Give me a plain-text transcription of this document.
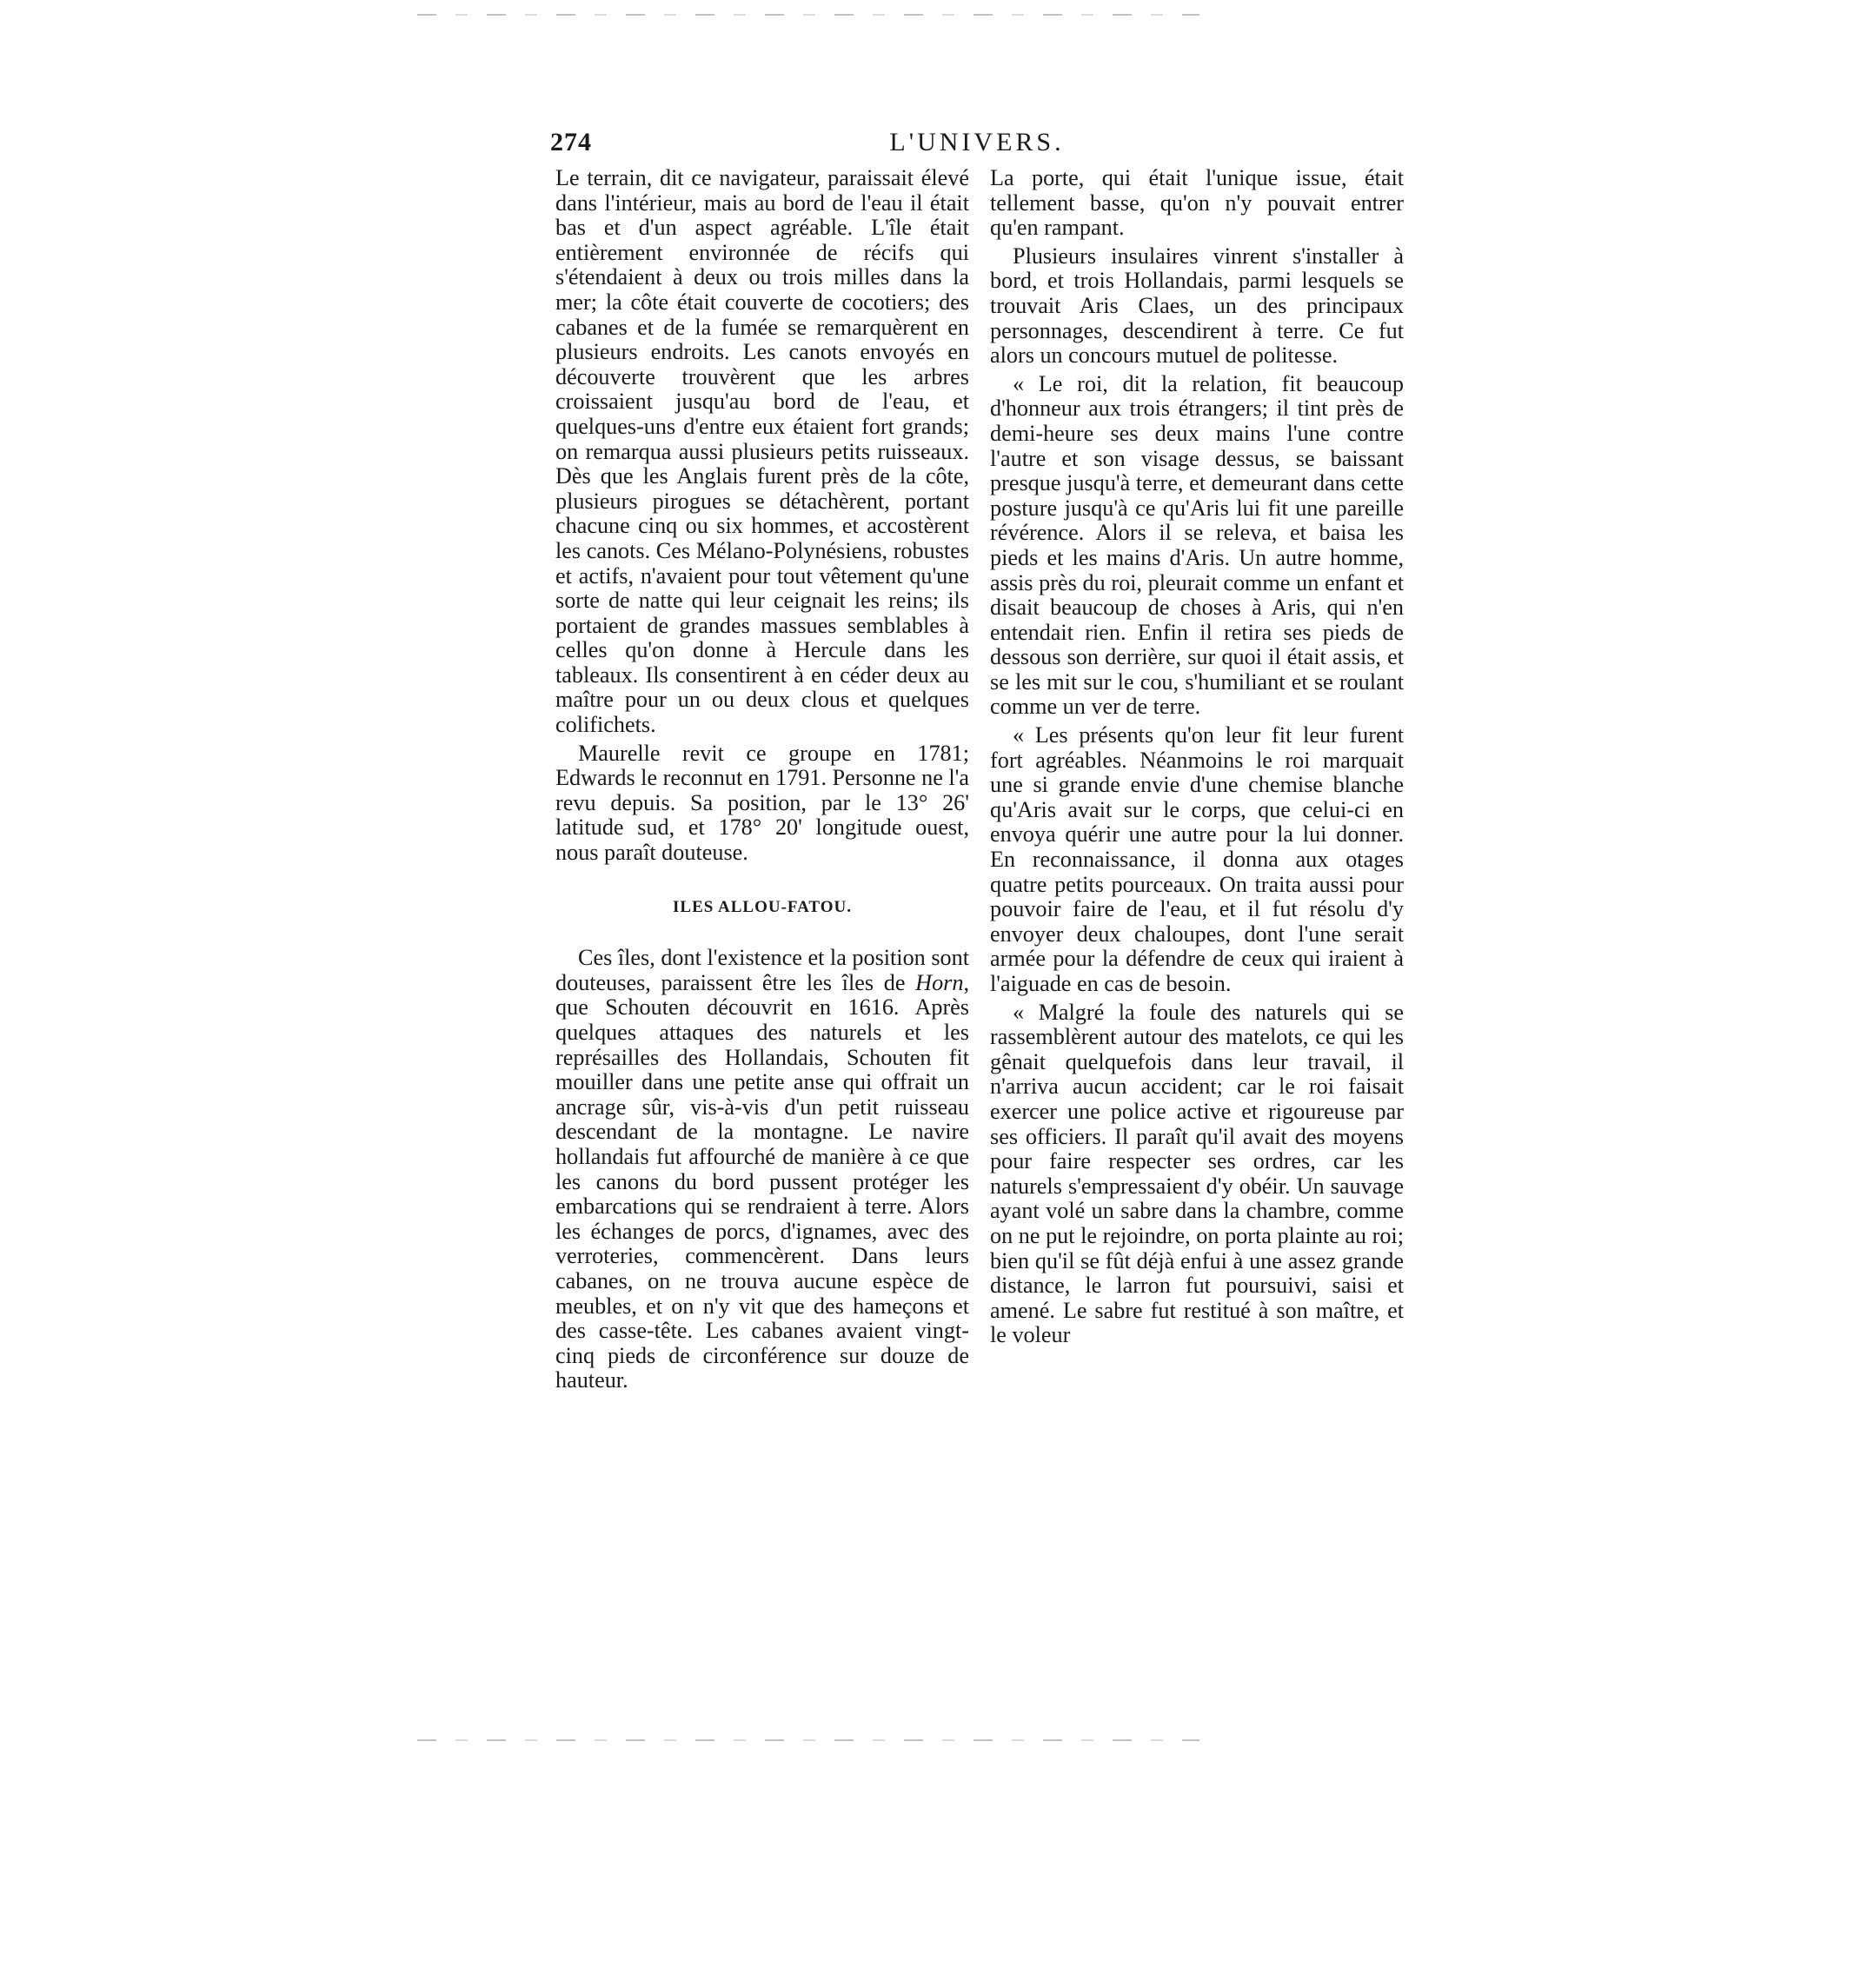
274	L'UNIVERS.

Le terrain, dit ce navigateur, paraissait élevé dans l'intérieur, mais au bord de l'eau il était bas et d'un aspect agréable. L'île était entièrement environnée de récifs qui s'étendaient à deux ou trois milles dans la mer; la côte était couverte de cocotiers; des cabanes et de la fumée se remarquèrent en plusieurs endroits. Les canots envoyés en découverte trouvèrent que les arbres croissaient jusqu'au bord de l'eau, et quelques-uns d'entre eux étaient fort grands; on remarqua aussi plusieurs petits ruisseaux. Dès que les Anglais furent près de la côte, plusieurs pirogues se détachèrent, portant chacune cinq ou six hommes, et accostèrent les canots. Ces Mélano-Polynésiens, robustes et actifs, n'avaient pour tout vêtement qu'une sorte de natte qui leur ceignait les reins; ils portaient de grandes massues semblables à celles qu'on donne à Hercule dans les tableaux. Ils consentirent à en céder deux au maître pour un ou deux clous et quelques colifichets.

Maurelle revit ce groupe en 1781; Edwards le reconnut en 1791. Personne ne l'a revu depuis. Sa position, par le 13° 26' latitude sud, et 178° 20' longitude ouest, nous paraît douteuse.

ILES ALLOU-FATOU.

Ces îles, dont l'existence et la position sont douteuses, paraissent être les îles de Horn, que Schouten découvrit en 1616. Après quelques attaques des naturels et les représailles des Hollandais, Schouten fit mouiller dans une petite anse qui offrait un ancrage sûr, vis-à-vis d'un petit ruisseau descendant de la montagne. Le navire hollandais fut affourché de manière à ce que les canons du bord pussent protéger les embarcations qui se rendraient à terre. Alors les échanges de porcs, d'ignames, avec des verroteries, commencèrent. Dans leurs cabanes, on ne trouva aucune espèce de meubles, et on n'y vit que des hameçons et des casse-tête. Les cabanes avaient vingt-cinq pieds de circonférence sur douze de hauteur.

La porte, qui était l'unique issue, était tellement basse, qu'on n'y pouvait entrer qu'en rampant.

Plusieurs insulaires vinrent s'installer à bord, et trois Hollandais, parmi lesquels se trouvait Aris Claes, un des principaux personnages, descendirent à terre. Ce fut alors un concours mutuel de politesse.

« Le roi, dit la relation, fit beaucoup d'honneur aux trois étrangers; il tint près de demi-heure ses deux mains l'une contre l'autre et son visage dessus, se baissant presque jusqu'à terre, et demeurant dans cette posture jusqu'à ce qu'Aris lui fit une pareille révérence. Alors il se releva, et baisa les pieds et les mains d'Aris. Un autre homme, assis près du roi, pleurait comme un enfant et disait beaucoup de choses à Aris, qui n'en entendait rien. Enfin il retira ses pieds de dessous son derrière, sur quoi il était assis, et se les mit sur le cou, s'humiliant et se roulant comme un ver de terre.

« Les présents qu'on leur fit leur furent fort agréables. Néanmoins le roi marquait une si grande envie d'une chemise blanche qu'Aris avait sur le corps, que celui-ci en envoya quérir une autre pour la lui donner. En reconnaissance, il donna aux otages quatre petits pourceaux. On traita aussi pour pouvoir faire de l'eau, et il fut résolu d'y envoyer deux chaloupes, dont l'une serait armée pour la défendre de ceux qui iraient à l'aiguade en cas de besoin.

« Malgré la foule des naturels qui se rassemblèrent autour des matelots, ce qui les gênait quelquefois dans leur travail, il n'arriva aucun accident; car le roi faisait exercer une police active et rigoureuse par ses officiers. Il paraît qu'il avait des moyens pour faire respecter ses ordres, car les naturels s'empressaient d'y obéir. Un sauvage ayant volé un sabre dans la chambre, comme on ne put le rejoindre, on porta plainte au roi; bien qu'il se fût déjà enfui à une assez grande distance, le larron fut poursuivi, saisi et amené. Le sabre fut restitué à son maître, et le voleur
